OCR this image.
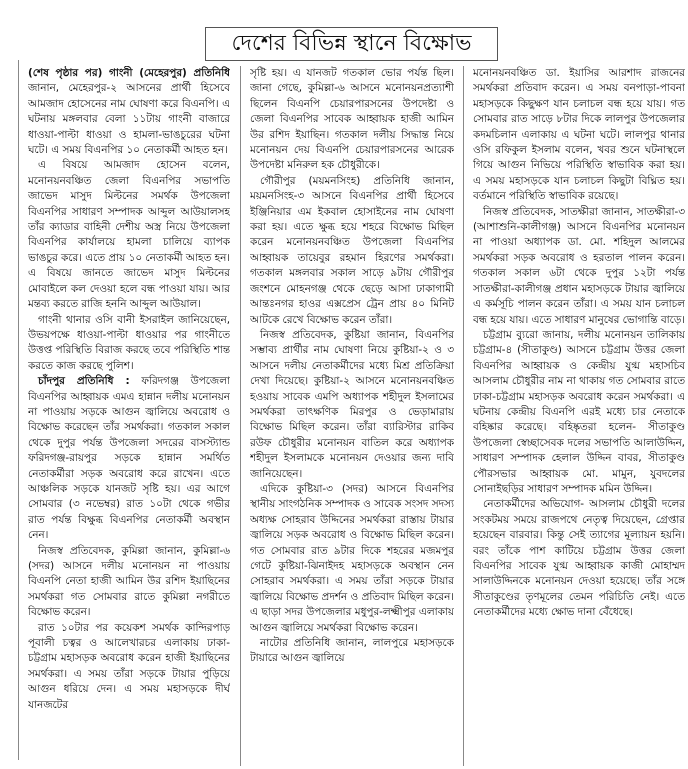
দেশের বিভিন্ন স্থানে বিক্ষোভ

(শেষ পৃষ্ঠার পর) গাংনী (মেহেরপুর) প্রতিনিধি জানান, মেহেরপুর-২ আসনের প্রার্থী হিসেবে আমজাদ হোসেনের নাম ঘোষণা করে বিএনপি। এ ঘটনায় মঙ্গলবার বেলা ১১টায় গাংনী বাজারে ধাওয়া-পাল্টা ধাওয়া ও হামলা-ভাঙচুরের ঘটনা ঘটে। এ সময় বিএনপির ১০ নেতাকর্মী আহত হন।

এ বিষয়ে আমজাদ হোসেন বলেন, মনোনয়নবঞ্চিত জেলা বিএনপির সভাপতি জাভেদ মাসুদ মিল্টনের সমর্থক উপজেলা বিএনপির সাধারণ সম্পাদক আব্দুল আউয়ালসহ তাঁর ক্যাডার বাহিনী দেশীয় অস্ত্র নিয়ে উপজেলা বিএনপির কার্যালয়ে হামলা চালিয়ে ব্যাপক ভাঙচুর করে। এতে প্রায় ১০ নেতাকর্মী আহত হন। এ বিষয়ে জানতে জাভেদ মাসুদ মিল্টনের মোবাইলে কল দেওয়া হলে বন্ধ পাওয়া যায়। আর মন্তব্য করতে রাজি হননি আব্দুল আউয়াল।

গাংনী থানার ওসি বানী ইসরাইল জানিয়েছেন, উভয়পক্ষে ধাওয়া-পাল্টা ধাওয়ার পর গাংনীতে উত্তপ্ত পরিস্থিতি বিরাজ করছে তবে পরিস্থিতি শান্ত করতে কাজ করছে পুলিশ।

চাঁদপুর প্রতিনিধি : ফরিদগঞ্জ উপজেলা বিএনপির আহ্বায়ক এমএ হান্নান দলীয় মনোনয়ন না পাওয়ায় সড়কে আগুন জ্বালিয়ে অবরোধ ও বিক্ষোভ করেছেন তাঁর সমর্থকরা। গতকাল সকাল থেকে দুপুর পর্যন্ত উপজেলা সদরের বাসস্ট্যান্ড ফরিদগঞ্জ-রায়পুর সড়কে হান্নান সমর্থিত নেতাকর্মীরা সড়ক অবরোধ করে রাখেন। এতে আঞ্চলিক সড়কে যানজট সৃষ্টি হয়। এর আগে সোমবার (৩ নভেম্বর) রাত ১০টা থেকে গভীর রাত পর্যন্ত বিক্ষুব্ধ বিএনপির নেতাকর্মী অবস্থান নেন।

নিজস্ব প্রতিবেদক, কুমিল্লা জানান, কুমিল্লা-৬ (সদর) আসনে দলীয় মনোনয়ন না পাওয়ায় বিএনপি নেতা হাজী আমিন উর রশিদ ইয়াছিনের সমর্থকরা গত সোমবার রাতে কুমিল্লা নগরীতে বিক্ষোভ করেন।

রাত ১০টার পর কয়েকশ সমর্থক কান্দিরপাড় পূবালী চত্বর ও আলেখারচর এলাকায় ঢাকা-চট্টগ্রাম মহাসড়ক অবরোধ করেন হাজী ইয়াছিনের সমর্থকরা। এ সময় তাঁরা সড়কে টায়ার পুড়িয়ে আগুন ধরিয়ে দেন। এ সময় মহাসড়কে দীর্ঘ যানজটের

সৃষ্টি হয়। এ যানজট গতকাল ভোর পর্যন্ত ছিল। জানা গেছে, কুমিল্লা-৬ আসনে মনোনয়নপ্রত্যাশী ছিলেন বিএনপি চেয়ারপারসনের উপদেষ্টা ও জেলা বিএনপির সাবেক আহ্বায়ক হাজী আমিন উর রশিদ ইয়াছিন। গতকাল দলীয় সিদ্ধান্ত নিয়ে মনোনয়ন দেয় বিএনপি চেয়ারপারসনের আরেক উপদেষ্টা মনিরুল হক চৌধুরীকে।

গৌরীপুর (ময়মনসিংহ) প্রতিনিধি জানান, ময়মনসিংহ-৩ আসনে বিএনপির প্রার্থী হিসেবে ইঞ্জিনিয়ার এম ইকবাল হোসাইনের নাম ঘোষণা করা হয়। এতে ক্ষুব্ধ হয়ে শহরে বিক্ষোভ মিছিল করেন মনোনয়নবঞ্চিত উপজেলা বিএনপির আহ্বায়ক তায়েবুর রহমান হিরণের সমর্থকরা। গতকাল মঙ্গলবার সকাল সাড়ে ৯টায় গৌরীপুর জংশনে মোহনগঞ্জ থেকে ছেড়ে আসা ঢাকাগামী আন্তঃনগর হাওর এক্সপ্রেস ট্রেন প্রায় ৪০ মিনিট আটকে রেখে বিক্ষোভ করেন তাঁরা।

নিজস্ব প্রতিবেদক, কুষ্টিয়া জানান, বিএনপির সম্ভাব্য প্রার্থীর নাম ঘোষণা নিয়ে কুষ্টিয়া-২ ও ৩ আসনে দলীয় নেতাকর্মীদের মধ্যে মিশ্র প্রতিক্রিয়া দেখা দিয়েছে। কুষ্টিয়া-২ আসনে মনোনয়নবঞ্চিত হওয়ায় সাবেক এমপি অধ্যাপক শহীদুল ইসলামের সমর্থকরা তাৎক্ষণিক মিরপুর ও ভেড়ামারায় বিক্ষোভ মিছিল করেন। তাঁরা ব্যারিস্টার রাকিব রউফ চৌধুরীর মনোনয়ন বাতিল করে অধ্যাপক শহীদুল ইসলামকে মনোনয়ন দেওয়ার জন্য দাবি জানিয়েছেন।

এদিকে কুষ্টিয়া-৩ (সদর) আসনে বিএনপির স্থানীয় সাংগঠনিক সম্পাদক ও সাবেক সংসদ সদস্য অধ্যক্ষ সোহরাব উদ্দিনের সমর্থকরা রাস্তায় টায়ার জ্বালিয়ে সড়ক অবরোধ ও বিক্ষোভ মিছিল করেন। গত সোমবার রাত ৯টার দিকে শহরের মজমপুর গেটে কুষ্টিয়া-ঝিনাইদহ মহাসড়কে অবস্থান নেন সোহরাব সমর্থকরা। এ সময় তাঁরা সড়কে টায়ার জ্বালিয়ে বিক্ষোভ প্রদর্শন ও প্রতিবাদ মিছিল করেন। এ ছাড়া সদর উপজেলার মধুপুর-লক্ষ্মীপুর এলাকায় আগুন জ্বালিয়ে সমর্থকরা বিক্ষোভ করেন।

নাটোর প্রতিনিধি জানান, লালপুরে মহাসড়কে টায়ারে আগুন জ্বালিয়ে

মনোনয়নবঞ্চিত ডা. ইয়াসির আরশাদ রাজনের সমর্থকরা প্রতিবাদ করেন। এ সময় বনপাড়া-পাবনা মহাসড়কে কিছুক্ষণ যান চলাচল বন্ধ হয়ে যায়। গত সোমবার রাত সাড়ে ৮টার দিকে লালপুর উপজেলার কদমচিলান এলাকায় এ ঘটনা ঘটে। লালপুর থানার ওসি রফিকুল ইসলাম বলেন, খবর শুনে ঘটনাস্থলে গিয়ে আগুন নিভিয়ে পরিস্থিতি স্বাভাবিক করা হয়। এ সময় মহাসড়কে যান চলাচল কিছুটা বিঘ্নিত হয়। বর্তমানে পরিস্থিতি স্বাভাবিক রয়েছে।

নিজস্ব প্রতিবেদক, সাতক্ষীরা জানান, সাতক্ষীরা-৩ (আশাশুনি-কালীগঞ্জ) আসনে বিএনপির মনোনয়ন না পাওয়া অধ্যাপক ডা. মো. শহিদুল আলমের সমর্থকরা সড়ক অবরোধ ও হরতাল পালন করেন। গতকাল সকাল ৬টা থেকে দুপুর ১২টা পর্যন্ত সাতক্ষীরা-কালীগঞ্জ প্রধান মহাসড়কে টায়ার জ্বালিয়ে এ কর্মসূচি পালন করেন তাঁরা। এ সময় যান চলাচল বন্ধ হয়ে যায়। এতে সাধারণ মানুষের ভোগান্তি বাড়ে।

চট্টগ্রাম ব্যুরো জানায়, দলীয় মনোনয়ন তালিকায় চট্টগ্রাম-৪ (সীতাকুণ্ড) আসনে চট্টগ্রাম উত্তর জেলা বিএনপির আহ্বায়ক ও কেন্দ্রীয় যুগ্ম মহাসচিব আসলাম চৌধুরীর নাম না থাকায় গত সোমবার রাতে ঢাকা-চট্টগ্রাম মহাসড়ক অবরোধ করেন সমর্থকরা। এ ঘটনায় কেন্দ্রীয় বিএনপি এরই মধ্যে চার নেতাকে বহিষ্কার করেছে। বহিষ্কৃতরা হলেন- সীতাকুণ্ড উপজেলা স্বেচ্ছাসেবক দলের সভাপতি আলাউদ্দিন, সাধারণ সম্পাদক হেলাল উদ্দিন বাবর, সীতাকুণ্ড পৌরসভার আহ্বায়ক মো. মামুন, যুবদলের সোনাইছড়ির সাধারণ সম্পাদক মমিন উদ্দিন।

নেতাকর্মীদের অভিযোগ- আসলাম চৌধুরী দলের সংকটময় সময়ে রাজপথে নেতৃত্ব দিয়েছেন, গ্রেপ্তার হয়েছেন বারবার। কিন্তু সেই ত্যাগের মূল্যায়ন হয়নি। বরং তাঁকে পাশ কাটিয়ে চট্টগ্রাম উত্তর জেলা বিএনপির সাবেক যুগ্ম আহ্বায়ক কাজী মোহাম্মদ সালাউদ্দিনকে মনোনয়ন দেওয়া হয়েছে। তাঁর সঙ্গে সীতাকুণ্ডের তৃণমূলের তেমন পরিচিতি নেই। এতে নেতাকর্মীদের মধ্যে ক্ষোভ দানা বেঁধেছে।
